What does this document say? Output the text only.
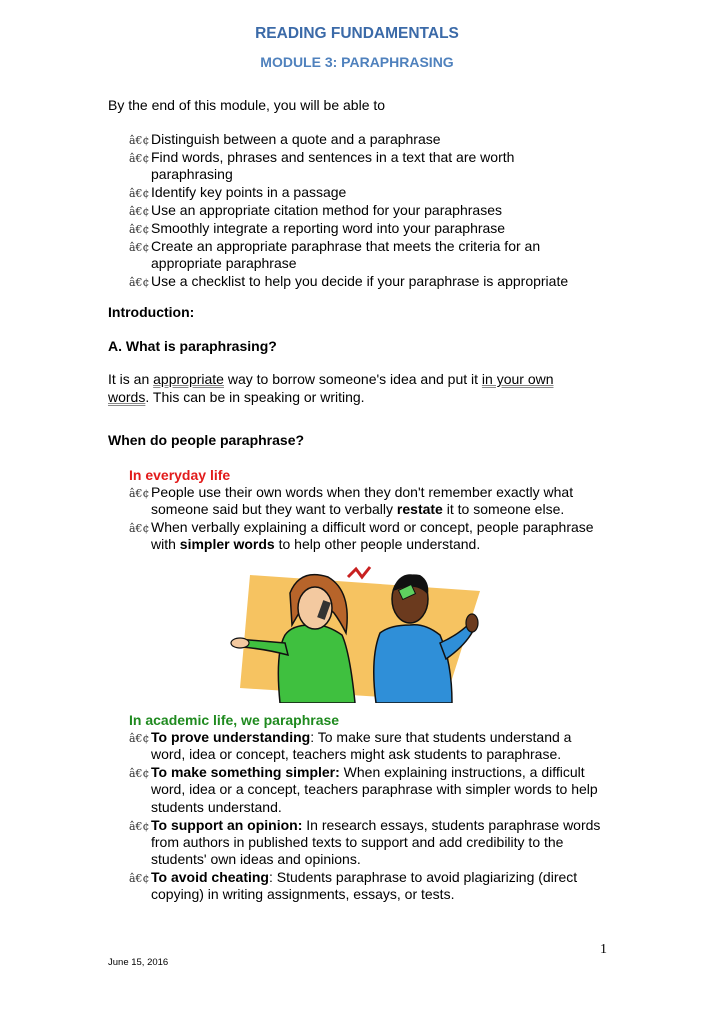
READING FUNDAMENTALS
MODULE 3: PARAPHRASING
By the end of this module, you will be able to
â€¢ Distinguish between a quote and a paraphrase
â€¢ Find words, phrases and sentences in a text that are worth paraphrasing
â€¢ Identify key points in a passage
â€¢ Use an appropriate citation method for your paraphrases
â€¢ Smoothly integrate a reporting word into your paraphrase
â€¢ Create an appropriate paraphrase that meets the criteria for an appropriate paraphrase
â€¢ Use a checklist to help you decide if your paraphrase is appropriate
Introduction:
A. What is paraphrasing?
It is an appropriate way to borrow someone's idea and put it in your own words. This can be in speaking or writing.
When do people paraphrase?
In everyday life
â€¢ People use their own words when they don't remember exactly what someone said but they want to verbally restate it to someone else.
â€¢ When verbally explaining a difficult word or concept, people paraphrase with simpler words to help other people understand.
In academic life, we paraphrase
â€¢ To prove understanding: To make sure that students understand a word, idea or concept, teachers might ask students to paraphrase.
â€¢ To make something simpler: When explaining instructions, a difficult word, idea or a concept, teachers paraphrase with simpler words to help students understand.
â€¢ To support an opinion: In research essays, students paraphrase words from authors in published texts to support and add credibility to the students' own ideas and opinions.
â€¢ To avoid cheating: Students paraphrase to avoid plagiarizing (direct copying) in writing assignments, essays, or tests.
1
June 15, 2016
